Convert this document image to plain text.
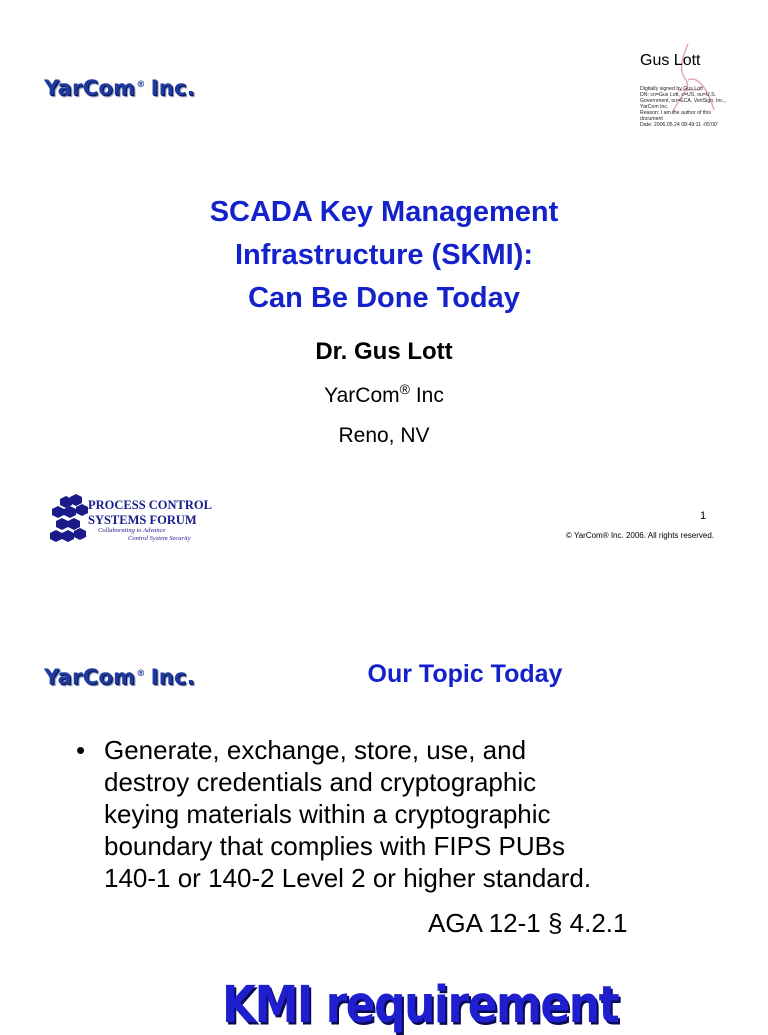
YarCom® Inc.
Gus Lott
Digitally signed by Gus Lott
DN: cn=Gus Lott, c=US, ou=U.S.
Government, ou=ECA, VeriSign, Inc.,
YarCom Inc.
Reason: I am the author of this
document
Date: 2006.05.24 08:49:11 -05'00'
SCADA Key Management
Infrastructure (SKMI):
Can Be Done Today
Dr. Gus Lott
YarCom® Inc
Reno, NV
PROCESS CONTROL
SYSTEMS FORUM
Collaborating to Advance
Control System Security
1
© YarCom® Inc. 2006. All rights reserved.
YarCom® Inc.	Our Topic Today
• Generate, exchange, store, use, and
destroy credentials and cryptographic
keying materials within a cryptographic
boundary that complies with FIPS PUBs
140-1 or 140-2 Level 2 or higher standard.
AGA 12-1 § 4.2.1
KMI requirement
